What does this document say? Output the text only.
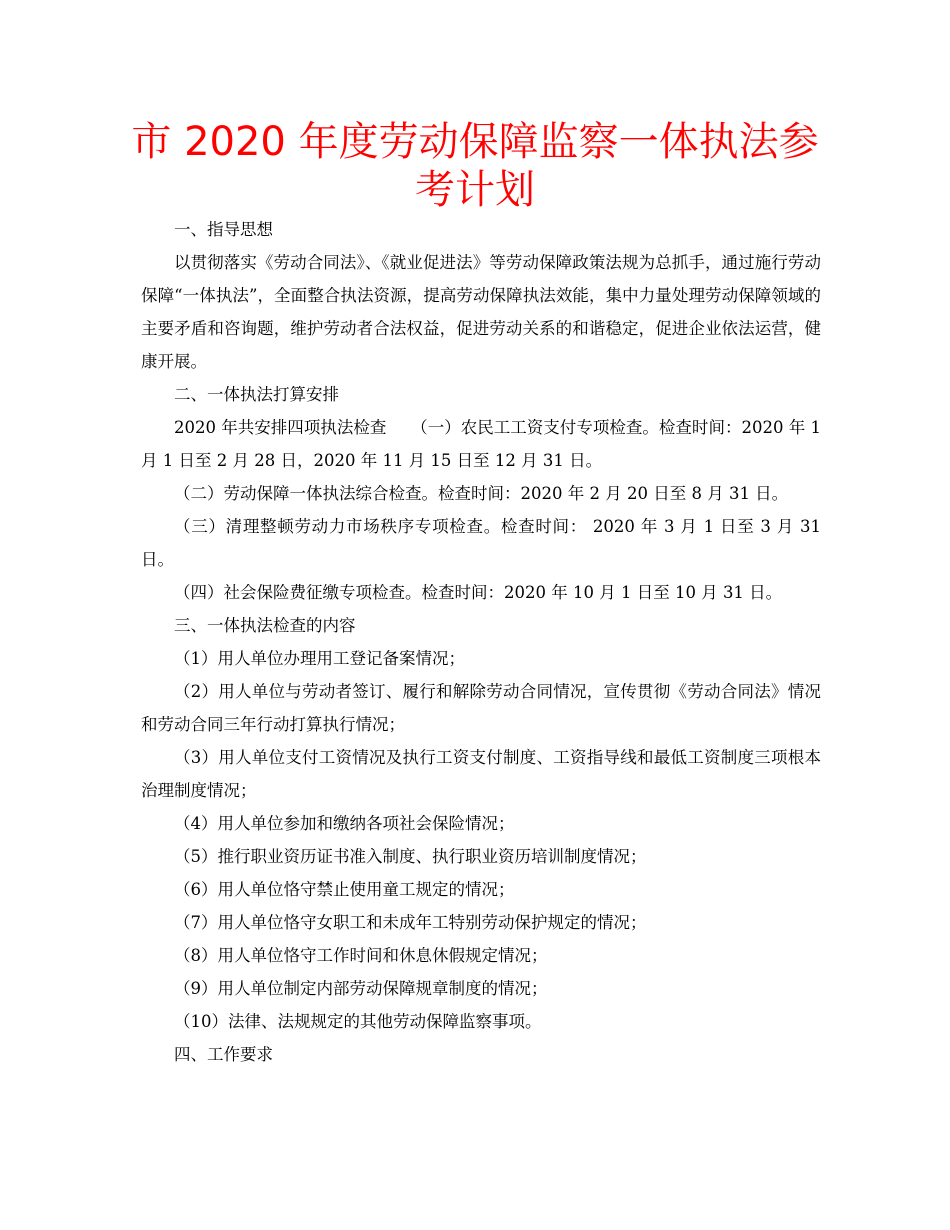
市 2020 年度劳动保障监察一体执法参考计划

一、指导思想

以贯彻落实《劳动合同法》、《就业促进法》等劳动保障政策法规为总抓手，通过施行劳动保障“一体执法”，全面整合执法资源，提高劳动保障执法效能，集中力量处理劳动保障领域的主要矛盾和咨询题，维护劳动者合法权益，促进劳动关系的和谐稳定，促进企业依法运营，健康开展。

二、一体执法打算安排

2020 年共安排四项执法检查　　（一）农民工工资支付专项检查。检查时间：2020 年 1 月 1 日至 2 月 28 日，2020 年 11 月 15 日至 12 月 31 日。

（二）劳动保障一体执法综合检查。检查时间：2020 年 2 月 20 日至 8 月 31 日。

（三）清理整顿劳动力市场秩序专项检查。检查时间： 2020 年 3 月 1 日至 3 月 31 日。

（四）社会保险费征缴专项检查。检查时间：2020 年 10 月 1 日至 10 月 31 日。

三、一体执法检查的内容

（1）用人单位办理用工登记备案情况；

（2）用人单位与劳动者签订、履行和解除劳动合同情况，宣传贯彻《劳动合同法》情况和劳动合同三年行动打算执行情况；

（3）用人单位支付工资情况及执行工资支付制度、工资指导线和最低工资制度三项根本治理制度情况；

（4）用人单位参加和缴纳各项社会保险情况；

（5）推行职业资历证书准入制度、执行职业资历培训制度情况；

（6）用人单位恪守禁止使用童工规定的情况；

（7）用人单位恪守女职工和未成年工特别劳动保护规定的情况；

（8）用人单位恪守工作时间和休息休假规定情况；

（9）用人单位制定内部劳动保障规章制度的情况；

（10）法律、法规规定的其他劳动保障监察事项。

四、工作要求
